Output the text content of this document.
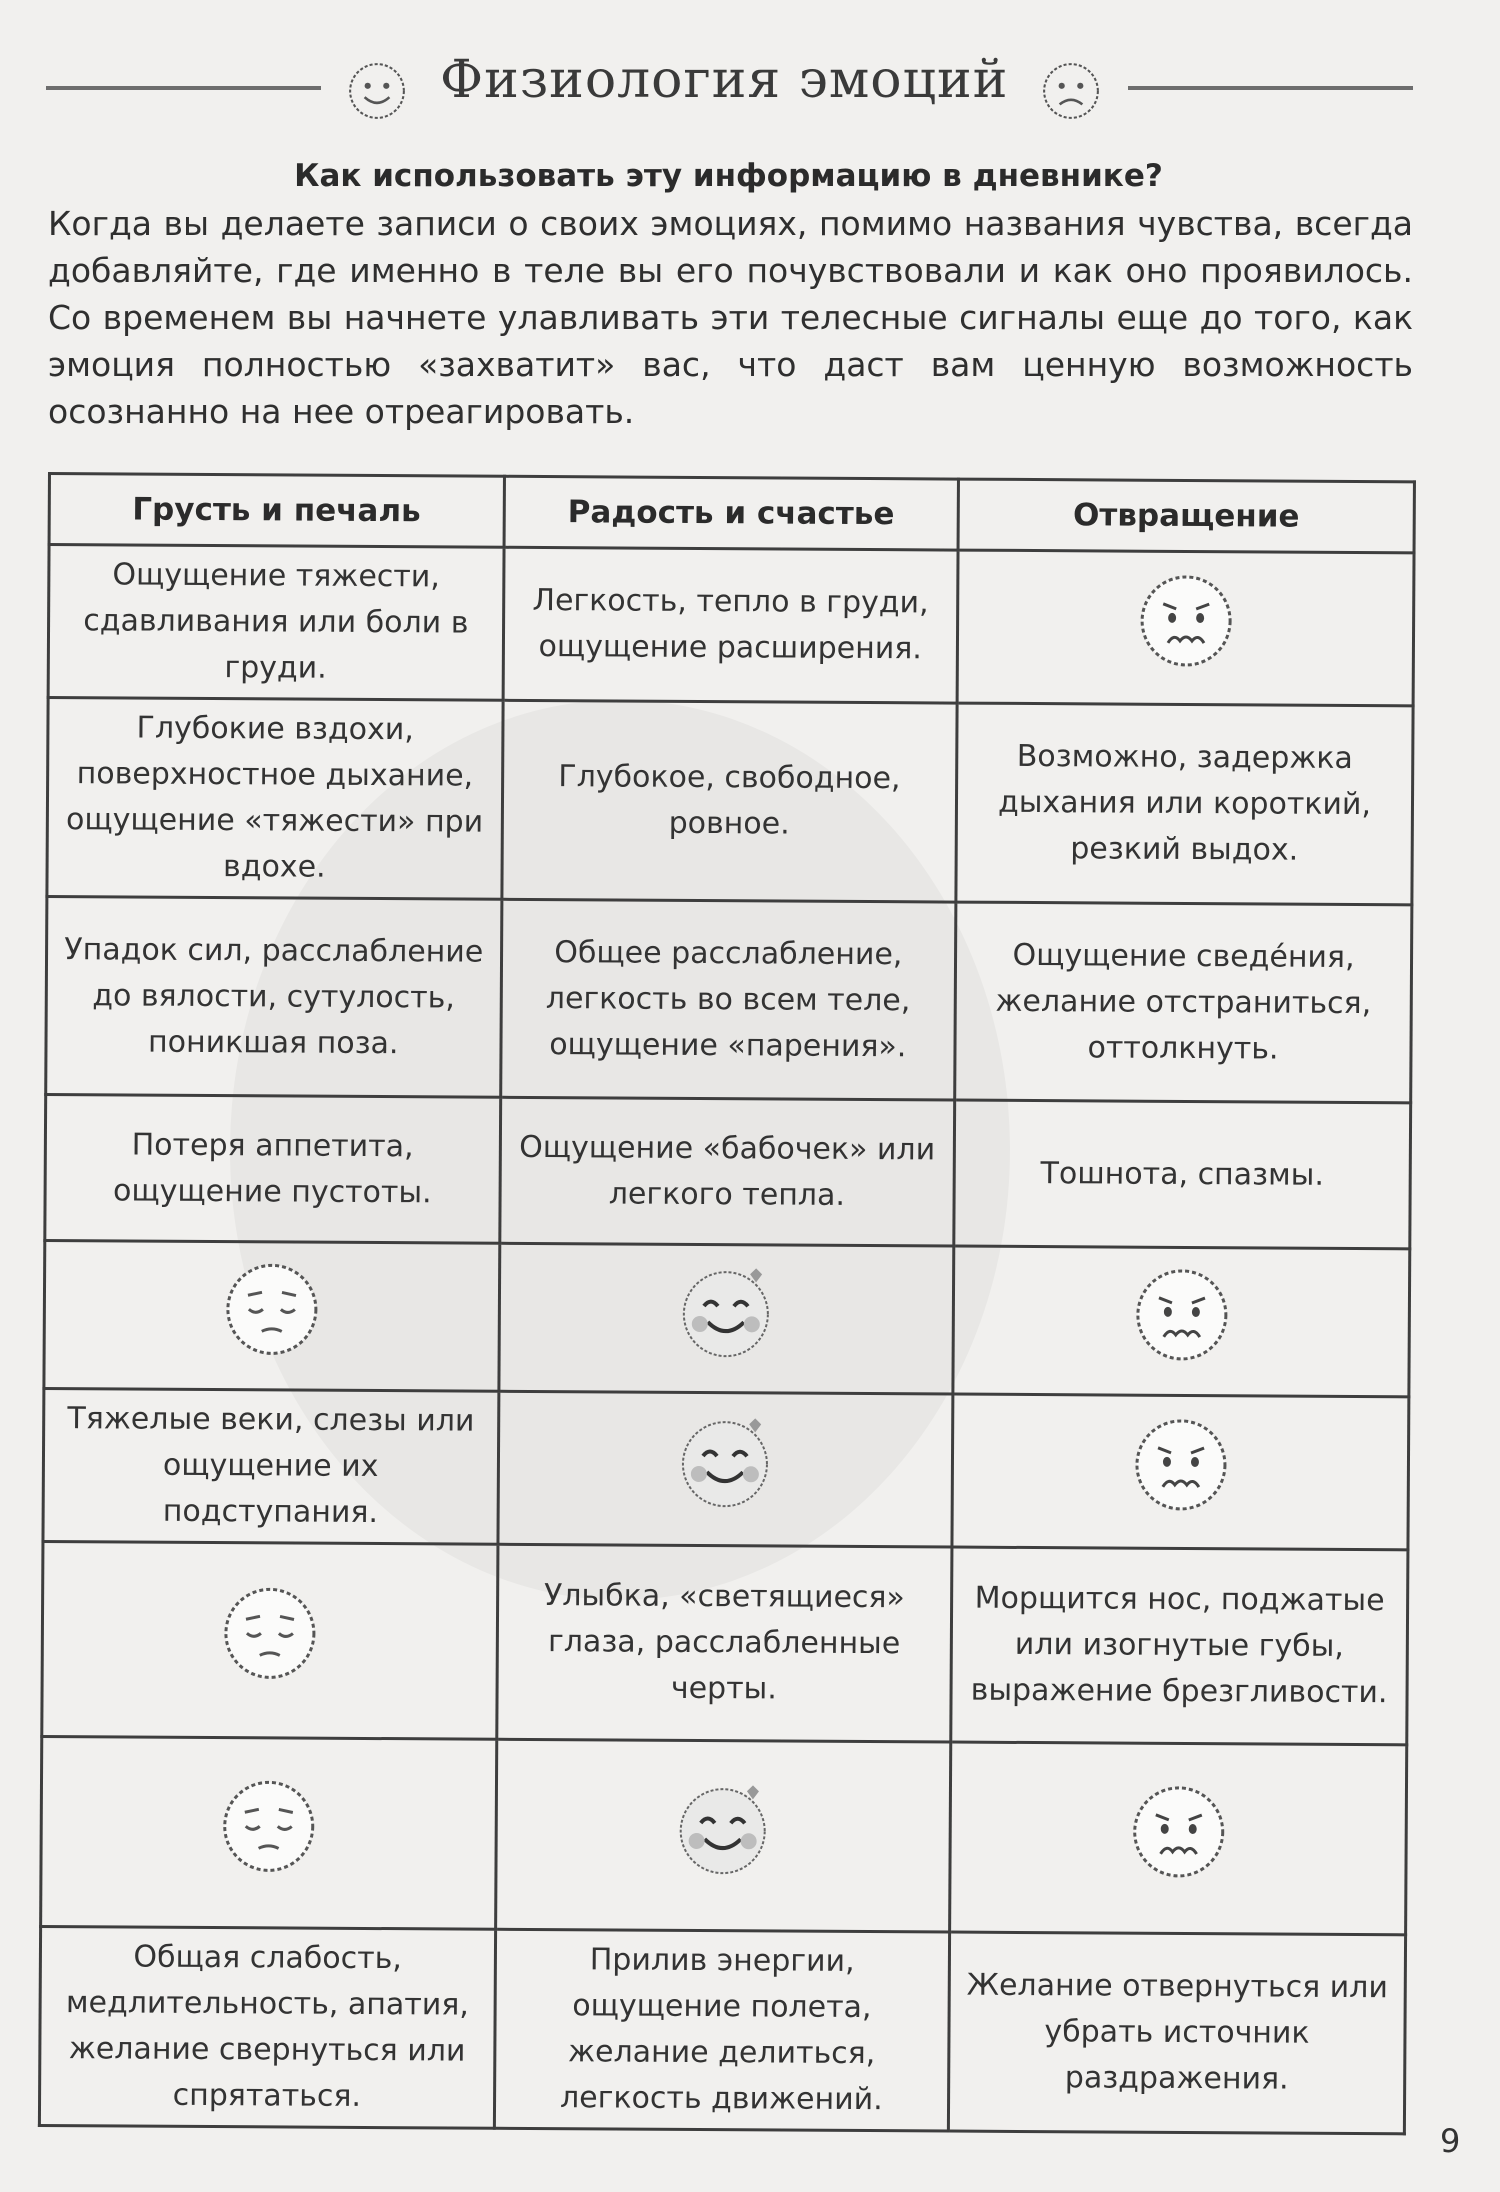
Физиология эмоций
Как использовать эту информацию в дневнике?
Когда вы делаете записи о своих эмоциях, помимо названия чувства, всегда добавляйте, где именно в теле вы его почувствовали и как оно проявилось. Со временем вы начнете улавливать эти телесные сигналы еще до того, как эмоция полностью «захватит» вас, что даст вам ценную возможность осознанно на нее отреагировать.
Грусть и печаль	Радость и счастье	Отвращение
Ощущение тяжести, сдавливания или боли в груди.	Легкость, тепло в груди, ощущение расширения.	
Глубокие вздохи, поверхностное дыхание, ощущение «тяжести» при вдохе.	Глубокое, свободное, ровное.	Возможно, задержка дыхания или короткий, резкий выдох.
Упадок сил, расслабление до вялости, сутулость, поникшая поза.	Общее расслабление, легкость во всем теле, ощущение «парения».	Ощущение сведе́ния, желание отстраниться, оттолкнуть.
Потеря аппетита, ощущение пустоты.	Ощущение «бабочек» или легкого тепла.	Тошнота, спазмы.

Тяжелые веки, слезы или ощущение их подступания.		
	Улыбка, «светящиеся» глаза, расслабленные черты.	Морщится нос, поджатые или изогнутые губы, выражение брезгливости.

Общая слабость, медлительность, апатия, желание свернуться или спрятаться.	Прилив энергии, ощущение полета, желание делиться, легкость движений.	Желание отвернуться или убрать источник раздражения.
9
